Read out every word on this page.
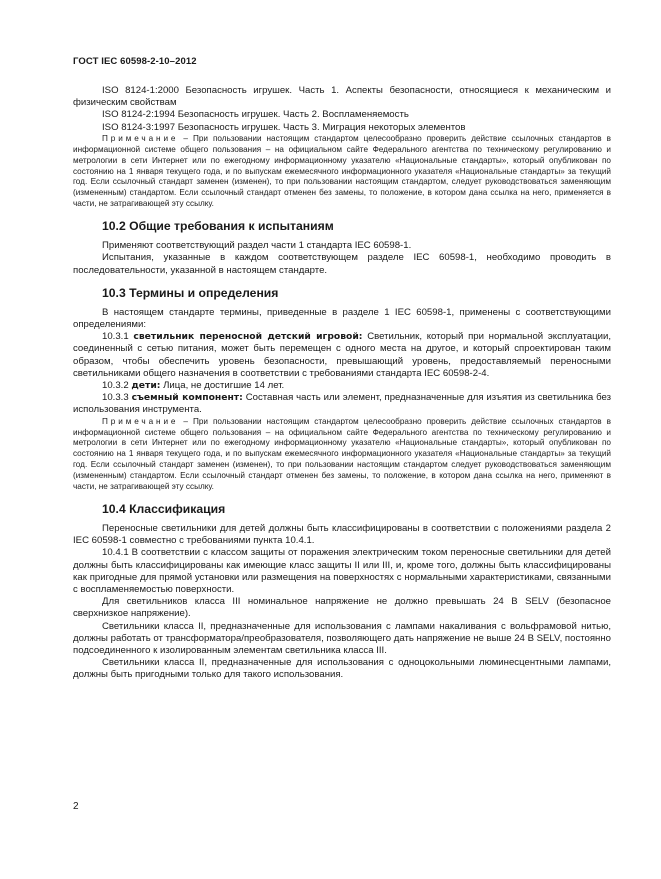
ГОСТ IEC 60598-2-10–2012

ISO 8124-1:2000 Безопасность игрушек. Часть 1. Аспекты безопасности, относящиеся к механическим и физическим свойствам

ISO 8124-2:1994 Безопасность игрушек. Часть 2. Воспламеняемость

ISO 8124-3:1997 Безопасность игрушек. Часть 3. Миграция некоторых элементов

Примечание – При пользовании настоящим стандартом целесообразно проверить действие ссылочных стандартов в информационной системе общего пользования – на официальном сайте Федерального агентства по техническому регулированию и метрологии в сети Интернет или по ежегодному информационному указателю «Национальные стандарты», который опубликован по состоянию на 1 января текущего года, и по выпускам ежемесячного информационного указателя «Национальные стандарты» за текущий год. Если ссылочный стандарт заменен (изменен), то при пользовании настоящим стандартом, следует руководствоваться заменяющим (измененным) стандартом. Если ссылочный стандарт отменен без замены, то положение, в котором дана ссылка на него, применяется в части, не затрагивающей эту ссылку.

10.2 Общие требования к испытаниям

Применяют соответствующий раздел части 1 стандарта IEC 60598-1.

Испытания, указанные в каждом соответствующем разделе IEC 60598-1, необходимо проводить в последовательности, указанной в настоящем стандарте.

10.3 Термины и определения

В настоящем стандарте термины, приведенные в разделе 1 IEC 60598-1, применены с соответствующими определениями:

10.3.1 светильник переносной детский игровой: Светильник, который при нормальной эксплуатации, соединенный с сетью питания, может быть перемещен с одного места на другое, и который спроектирован таким образом, чтобы обеспечить уровень безопасности, превышающий уровень, предоставляемый переносными светильниками общего назначения в соответствии с требованиями стандарта IEC 60598-2-4.

10.3.2 дети: Лица, не достигшие 14 лет.

10.3.3 съемный компонент: Составная часть или элемент, предназначенные для изъятия из светильника без использования инструмента.

Примечание – При пользовании настоящим стандартом целесообразно проверить действие ссылочных стандартов в информационной системе общего пользования – на официальном сайте Федерального агентства по техническому регулированию и метрологии в сети Интернет или по ежегодному информационному указателю «Национальные стандарты», который опубликован по состоянию на 1 января текущего года, и по выпускам ежемесячного информационного указателя «Национальные стандарты» за текущий год. Если ссылочный стандарт заменен (изменен), то при пользовании настоящим стандартом следует руководствоваться заменяющим (измененным) стандартом. Если ссылочный стандарт отменен без замены, то положение, в котором дана ссылка на него, применяют в части, не затрагивающей эту ссылку.

10.4 Классификация

Переносные светильники для детей должны быть классифицированы в соответствии с положениями раздела 2 IEC 60598-1 совместно с требованиями пункта 10.4.1.

10.4.1 В соответствии с классом защиты от поражения электрическим током переносные светильники для детей должны быть классифицированы как имеющие класс защиты II или III, и, кроме того, должны быть классифицированы как пригодные для прямой установки или размещения на поверхностях с нормальными характеристиками, связанными с воспламеняемостью поверхности.

Для светильников класса III номинальное напряжение не должно превышать 24 В SELV (безопасное сверхнизкое напряжение).

Светильники класса II, предназначенные для использования с лампами накаливания с вольфрамовой нитью, должны работать от трансформатора/преобразователя, позволяющего дать напряжение не выше 24 В SELV, постоянно подсоединенного к изолированным элементам светильника класса III.

Светильники класса II, предназначенные для использования с одноцокольными люминесцентными лампами, должны быть пригодными только для такого использования.

2
